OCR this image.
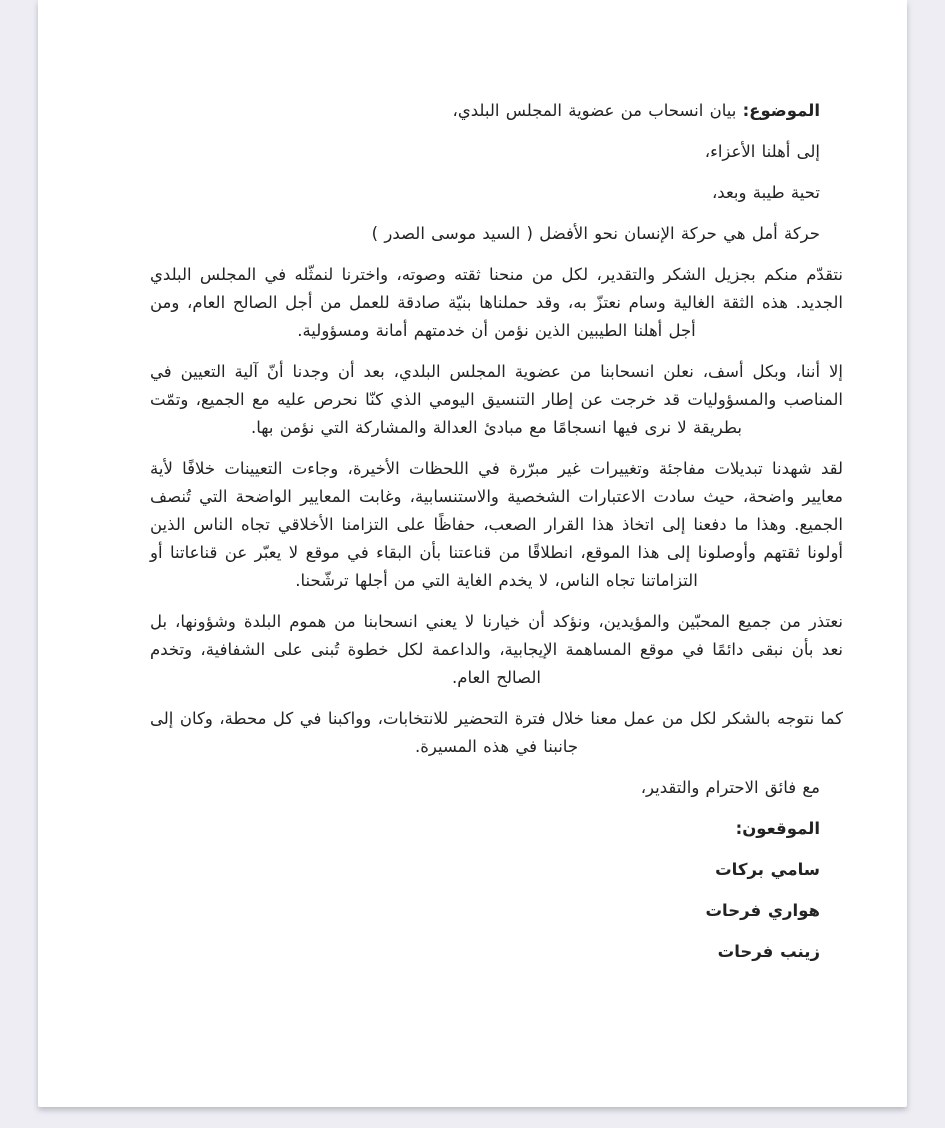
الموضوع: بيان انسحاب من عضوية المجلس البلدي،

إلى أهلنا الأعزاء،

تحية طيبة وبعد،

حركة أمل هي حركة الإنسان نحو الأفضل ( السيد موسى الصدر )

نتقدّم منكم بجزيل الشكر والتقدير، لكل من منحنا ثقته وصوته، واخترنا لنمثّله في المجلس البلدي الجديد. هذه الثقة الغالية وسام نعتزّ به، وقد حملناها بنيّة صادقة للعمل من أجل الصالح العام، ومن أجل أهلنا الطيبين الذين نؤمن أن خدمتهم أمانة ومسؤولية.

إلا أننا، وبكل أسف، نعلن انسحابنا من عضوية المجلس البلدي، بعد أن وجدنا أنّ آلية التعيين في المناصب والمسؤوليات قد خرجت عن إطار التنسيق اليومي الذي كنّا نحرص عليه مع الجميع، وتمّت بطريقة لا نرى فيها انسجامًا مع مبادئ العدالة والمشاركة التي نؤمن بها.

لقد شهدنا تبديلات مفاجئة وتغييرات غير مبرّرة في اللحظات الأخيرة، وجاءت التعيينات خلافًا لأية معايير واضحة، حيث سادت الاعتبارات الشخصية والاستنسابية، وغابت المعايير الواضحة التي تُنصف الجميع. وهذا ما دفعنا إلى اتخاذ هذا القرار الصعب، حفاظًا على التزامنا الأخلاقي تجاه الناس الذين أولونا ثقتهم وأوصلونا إلى هذا الموقع، انطلاقًا من قناعتنا بأن البقاء في موقع لا يعبّر عن قناعاتنا أو التزاماتنا تجاه الناس، لا يخدم الغاية التي من أجلها ترشّحنا.

نعتذر من جميع المحبّين والمؤيدين، ونؤكد أن خيارنا لا يعني انسحابنا من هموم البلدة وشؤونها، بل نعد بأن نبقى دائمًا في موقع المساهمة الإيجابية، والداعمة لكل خطوة تُبنى على الشفافية، وتخدم الصالح العام.

كما نتوجه بالشكر لكل من عمل معنا خلال فترة التحضير للانتخابات، وواكبنا في كل محطة، وكان إلى جانبنا في هذه المسيرة.

مع فائق الاحترام والتقدير،

الموقعون:

سامي بركات

هواري فرحات

زينب فرحات
